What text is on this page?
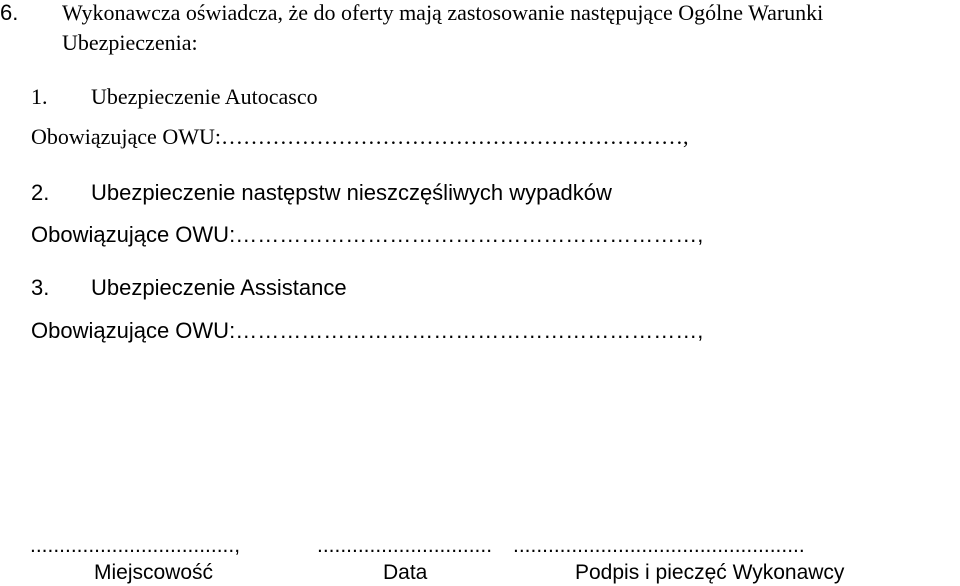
6. Wykonawcza oświadcza, że do oferty mają zastosowanie następujące Ogólne Warunki
Ubezpieczenia:
1. Ubezpieczenie Autocasco
Obowiązujące OWU:………………………………………………………,
2. Ubezpieczenie następstw nieszczęśliwych wypadków
Obowiązujące OWU:………………………………………………………,
3. Ubezpieczenie Assistance
Obowiązujące OWU:………………………………………………………,
...................................,	.............................. ..................................................
Miejscowość	Data	Podpis i pieczęć Wykonawcy
